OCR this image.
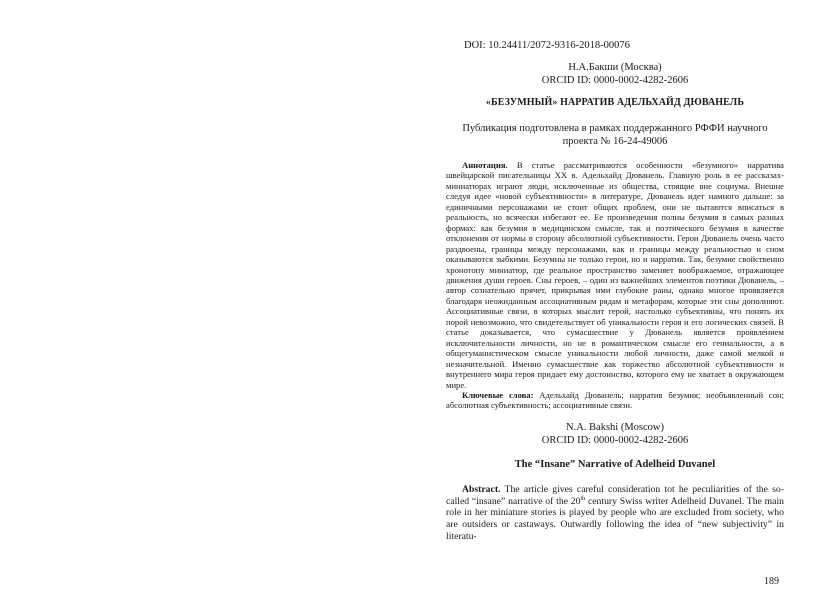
DOI: 10.24411/2072-9316-2018-00076

Н.А.Бакши (Москва)
ORCID ID: 0000-0002-4282-2606

«БЕЗУМНЫЙ» НАРРАТИВ АДЕЛЬХАЙД ДЮВАНЕЛЬ

Публикация подготовлена в рамках поддержанного РФФИ научного
проекта № 16-24-49006

Аннотация. В статье рассматриваются особенности «безумного» нарратива швейцарской писательницы XX в. Адельхайд Дюванель. Главную роль в ее рассказах-миниатюрах играют люди, исключенные из общества, стоящие вне социума. Внешне следуя идее «новой субъективности» в литературе, Дюванель идет намного дальше: за единичными персонажами не стоит общих проблем, они не пытаются вписаться в реальность, но всячески избегают ее. Ее произведения полны безумия в самых разных формах: как безумия в медицинском смысле, так и поэтического безумия в качестве отклонения от нормы в сторону абсолютной субъективности. Герои Дюванель очень часто раздвоены, границы между персонажами, как и границы между реальностью и сном оказываются зыбкими. Безумны не только герои, но и нарратив. Так, безумие свойственно хронотопу миниатюр, где реальное пространство заменяет воображаемое, отражающее движения души героев. Сны героев, – один из важнейших элементов поэтики Дюванель, – автор сознательно прячет, прикрывая ими глубокие раны, однако многое проявляется благодаря неожиданным ассоциативным рядам и метафорам, которые эти сны дополняют. Ассоциативные связи, в которых мыслит герой, настолько субъективны, что понять их порой невозможно, что свидетельствует об уникальности героя и его логических связей. В статье доказывается, что сумасшествие у Дюванель является проявлением исключительности личности, но не в романтическом смысле его гениальности, а в общегуманистическом смысле уникальности любой личности, даже самой мелкой и незначительной. Именно сумасшествие как торжество абсолютной субъективности и внутреннего мира героя придает ему достоинство, которого ему не хватает в окружающем мире.

Ключевые слова: Адельхайд Дюванель; нарратив безумия; необъявленный сон; абсолютная субъективность; ассоциативные связи.

N.A. Bakshi (Moscow)
ORCID ID: 0000-0002-4282-2606

The “Insane” Narrative of Adelheid Duvanel

Abstract. The article gives careful consideration tot he peculiarities of the so-called “insane” narrative of the 20th century Swiss writer Adelheid Duvanel. The main role in her miniature stories is played by people who are excluded from society, who are outsiders or castaways. Outwardly following the idea of “new subjectivity” in literatu-

189
